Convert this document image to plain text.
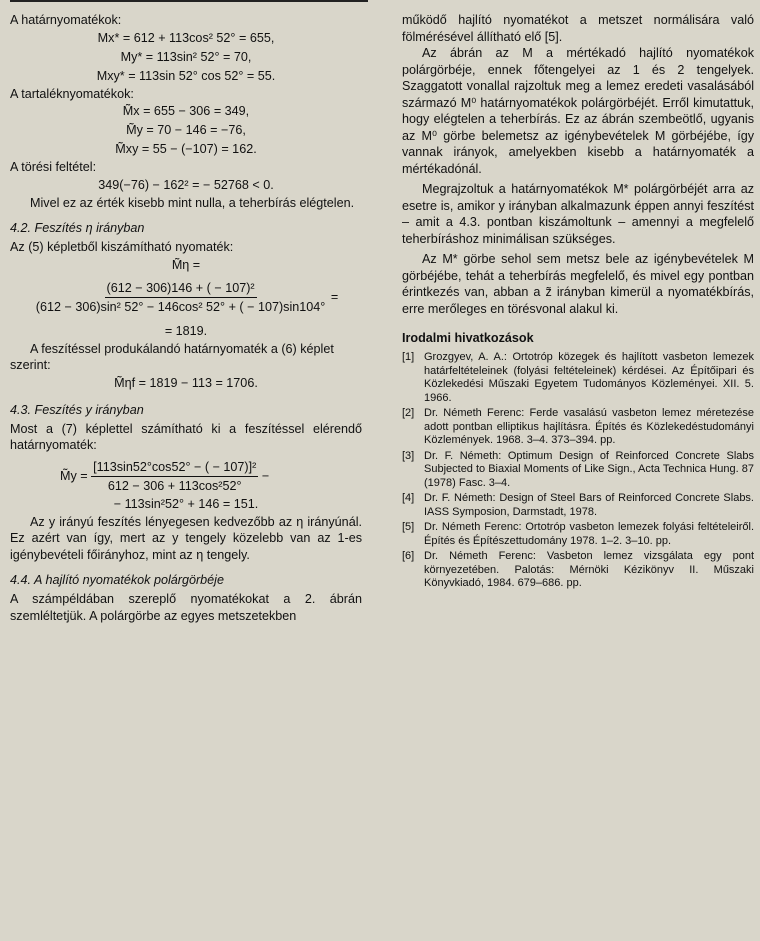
A határnyomatékok:

Mx* = 612 + 113cos² 52° = 655,

My* = 113sin² 52° = 70,

Mxy* = 113sin 52° cos 52° = 55.

A tartaléknyomatékok:

M̃x = 655 − 306 = 349,

M̃y = 70 − 146 = −76,

M̃xy = 55 − (−107) = 162.

A törési feltétel:

349(−76) − 162² = − 52768 < 0.

Mivel ez az érték kisebb mint nulla, a teherbírás elégtelen.

4.2. Feszítés η irányban

Az (5) képletből kiszámítható nyomaték:

M̃η =

$\frac{\text{(612 − 306)146 + ( − 107)²}}{\text{(612 − 306)sin² 52° − 146cos² 52° + ( − 107)sin104°}}$ =

= 1819.

A feszítéssel produkálandó határnyomaték a (6) képlet szerint:

M̃ηf = 1819 − 113 = 1706.

4.3. Feszítés y irányban

Most a (7) képlettel számítható ki a feszítéssel elérendő határnyomaték:

M̃y = $\frac{\text{[113sin52°cos52° − ( − 107)]²}}{\text{612 − 306 + 113cos²52°}}$ −

− 113sin²52° + 146 = 151.

Az y irányú feszítés lényegesen kedvezőbb az η irányúnál. Ez azért van így, mert az y tengely közelebb van az 1-es igénybevételi főirányhoz, mint az η tengely.

4.4. A hajlító nyomatékok polárgörbéje

A számpéldában szereplő nyomatékokat a 2. ábrán szemléltetjük. A polárgörbe az egyes metszetekben

működő hajlító nyomatékot a metszet normálisára való fölmérésével állítható elő [5].

Az ábrán az M a mértékadó hajlító nyomatékok polárgörbéje, ennek főtengelyei az 1 és 2 tengelyek. Szaggatott vonallal rajzoltuk meg a lemez eredeti vasalásából származó M⁰ határnyomatékok polárgörbéjét. Erről kimutattuk, hogy elégtelen a teherbírás. Ez az ábrán szembeötlő, ugyanis az M⁰ görbe belemetsz az igénybevételek M görbéjébe, így vannak irányok, amelyekben kisebb a határnyomaték a mértékadónál.

Megrajzoltuk a határnyomatékok M* polárgörbéjét arra az esetre is, amikor y irányban alkalmazunk éppen annyi feszítést – amit a 4.3. pontban kiszámoltunk – amennyi a megfelelő teherbíráshoz minimálisan szükséges.

Az M* görbe sehol sem metsz bele az igénybevételek M görbéjébe, tehát a teherbírás megfelelő, és mivel egy pontban érintkezés van, abban a z̃ irányban kimerül a nyomatékbírás, erre merőleges en törésvonal alakul ki.

Irodalmi hivatkozások

[1] Grozgyev, A. A.: Ortotróp közegek és hajlított vasbeton lemezek határfeltételeinek (folyási feltételeinek) kérdései. Az Építőipari és Közlekedési Műszaki Egyetem Tudományos Közleményei. XII. 5. 1966.
[2] Dr. Németh Ferenc: Ferde vasalású vasbeton lemez méretezése adott pontban elliptikus hajlításra. Építés és Közlekedéstudományi Közlemények. 1968. 3–4. 373–394. pp.
[3] Dr. F. Németh: Optimum Design of Reinforced Concrete Slabs Subjected to Biaxial Moments of Like Sign., Acta Technica Hung. 87 (1978) Fasc. 3–4.
[4] Dr. F. Németh: Design of Steel Bars of Reinforced Concrete Slabs. IASS Symposion, Darmstadt, 1978.
[5] Dr. Németh Ferenc: Ortotróp vasbeton lemezek folyási feltételeiről. Építés és Építészettudomány 1978. 1–2. 3–10. pp.
[6] Dr. Németh Ferenc: Vasbeton lemez vizsgálata egy pont környezetében. Palotás: Mérnöki Kézikönyv II. Műszaki Könyvkiadó, 1984. 679–686. pp.
